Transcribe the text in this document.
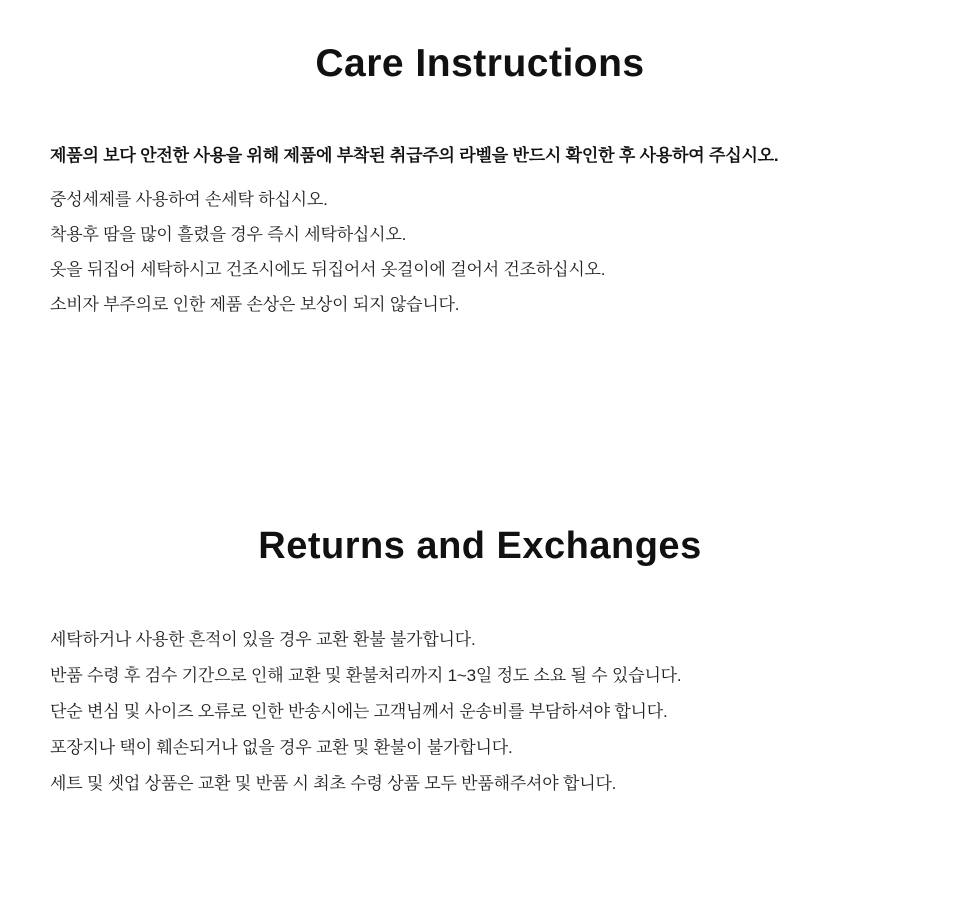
Care Instructions

제품의 보다 안전한 사용을 위해 제품에 부착된 취급주의 라벨을 반드시 확인한 후 사용하여 주십시오.

중성세제를 사용하여 손세탁 하십시오.
착용후 땀을 많이 흘렸을 경우 즉시 세탁하십시오.
옷을 뒤집어 세탁하시고 건조시에도 뒤집어서 옷걸이에 걸어서 건조하십시오.
소비자 부주의로 인한 제품 손상은 보상이 되지 않습니다.
Returns and Exchanges
세탁하거나 사용한 흔적이 있을 경우 교환 환불 불가합니다.
반품 수령 후 검수 기간으로 인해 교환 및 환불처리까지 1~3일 정도 소요 될 수 있습니다.
단순 변심 및 사이즈 오류로 인한 반송시에는 고객님께서 운송비를 부담하셔야 합니다.
포장지나 택이 훼손되거나 없을 경우 교환 및 환불이 불가합니다.
세트 및 셋업 상품은 교환 및 반품 시 최초 수령 상품 모두 반품해주셔야 합니다.
